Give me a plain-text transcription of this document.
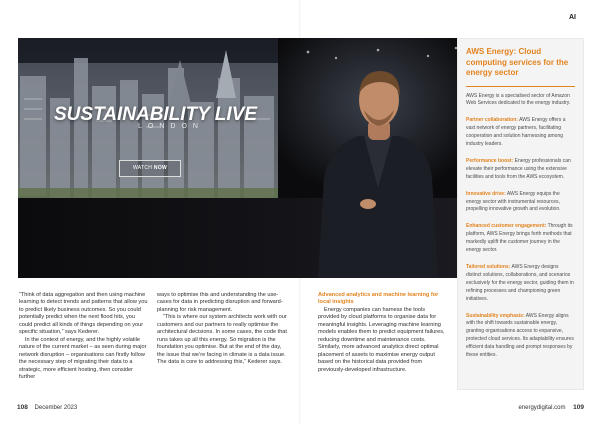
AI
SUSTAINABILITY LIVE
LONDON
WATCH NOW
AWS Energy: Cloud computing services for the energy sector

AWS Energy is a specialised sector of Amazon Web Services dedicated to the energy industry.

Partner collaboration: AWS Energy offers a vast network of energy partners, facilitating cooperation and solution harnessing among industry leaders.

Performance boost: Energy professionals can elevate their performance using the extensive facilities and tools from the AWS ecosystem.

Innovative drive: AWS Energy equips the energy sector with instrumental resources, propelling innovative growth and evolution.

Enhanced customer engagement: Through its platform, AWS Energy brings forth methods that markedly uplift the customer journey in the energy sector.

Tailored solutions: AWS Energy designs distinct solutions, collaborations, and scenarios exclusively for the energy sector, guiding them in refining processes and championing green initiatives.

Sustainability emphasis: AWS Energy aligns with the shift towards sustainable energy, granting organisations access to expansive, protected cloud services. Its adaptability ensures efficient data handling and prompt responses by these entities.

“Think of data aggregation and then using machine learning to detect trends and patterns that allow you to predict likely business outcomes. So you could potentially predict when the next flood hits, you could predict all kinds of things depending on your specific situation,” says Kederer.

In the context of energy, and the highly volatile nature of the current market – as seen during major network disruption – organisations can firstly follow the necessary step of migrating their data to a strategic, more efficient hosting, then consider further

ways to optimise this and understanding the use-cases for data in predicting disruption and forward-planning for risk management.

“This is where our system architects work with our customers and our partners to really optimise the architectural decisions. In some cases, the code that runs takes up all this energy. So migration is the foundation you optimise. But at the end of the day, the issue that we’re facing in climate is a data issue. The data is core to addressing this,” Kederer says.

Advanced analytics and machine learning for local insights

Energy companies can harness the tools provided by cloud platforms to organise data for meaningful insights. Leveraging machine learning models enables them to predict equipment failures, reducing downtime and maintenance costs. Similarly, more advanced analytics direct optimal placement of assets to maximise energy output based on the historical data provided from previously-developed infrastructure.

108 December 2023	energydigital.com 109
